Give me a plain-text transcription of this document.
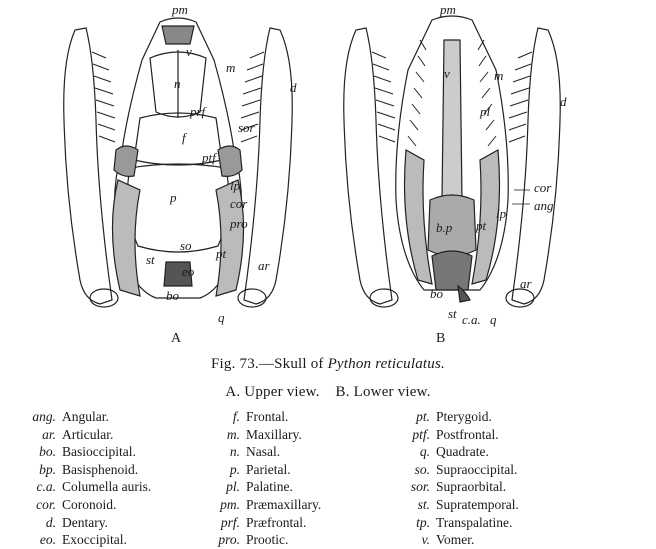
pm
v
m
d
n
prf
sor
f
ptf
lp
p	cor
pro
so
pt
ar
st
eo
bo
q
pm
v	m
d
pl
pt
lp
cor
ang
b.p
ar
bo
st c.a. q
A	B
Fig. 73.—Skull of Python reticulatus.
A. Upper view. B. Lower view.
ang. Angular.
ar. Articular.
bo. Basioccipital.
bp. Basisphenoid.
c.a. Columella auris.
cor. Coronoid.
d. Dentary.
eo. Exoccipital.
f. Frontal.
m. Maxillary.
n. Nasal.
p. Parietal.
pl. Palatine.
pm. Præmaxillary.
prf. Præfrontal.
pro. Prootic.
pt. Pterygoid.
ptf. Postfrontal.
q. Quadrate.
so. Supraoccipital.
sor. Supraorbital.
st. Supratemporal.
tp. Transpalatine.
v. Vomer.
